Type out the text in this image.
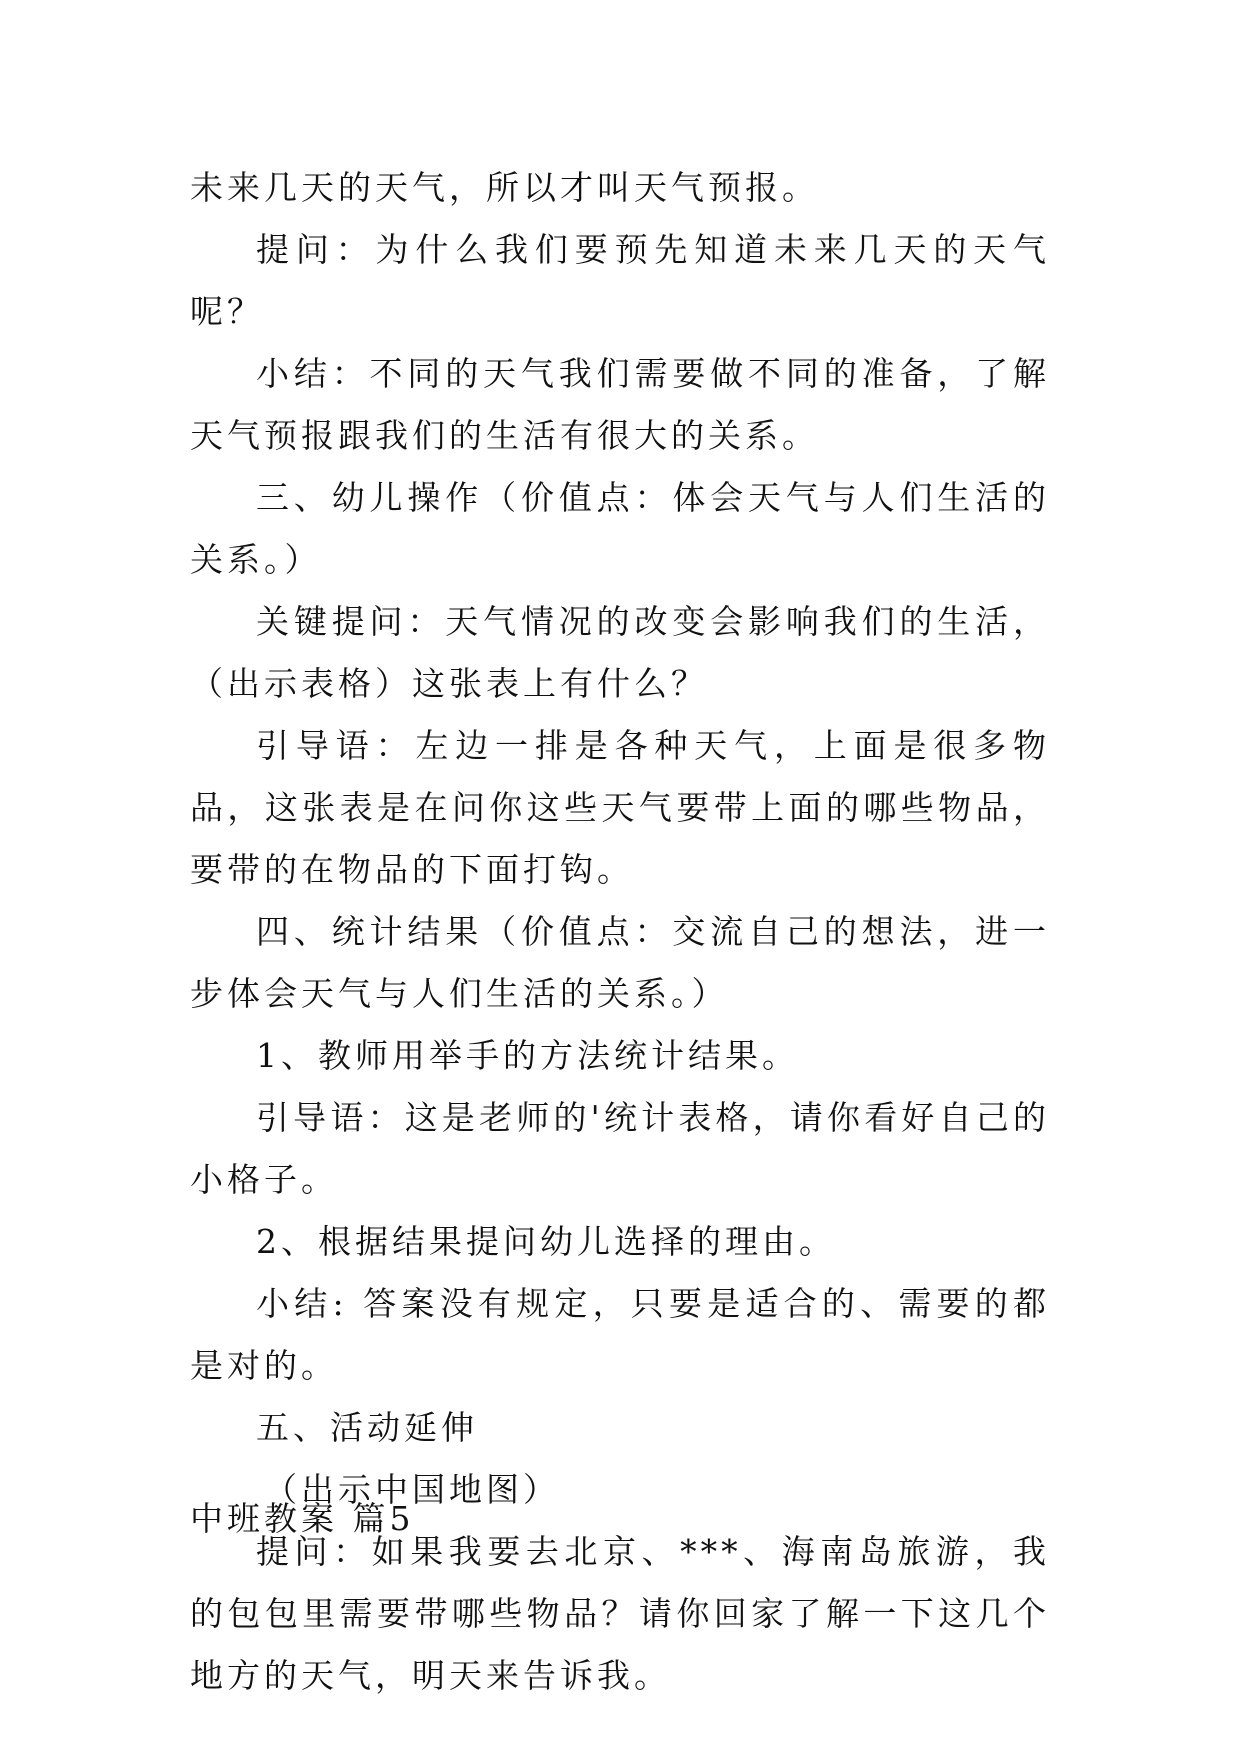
未来几天的天气，所以才叫天气预报。

提问：为什么我们要预先知道未来几天的天气呢？

小结：不同的天气我们需要做不同的准备，了解天气预报跟我们的生活有很大的关系。

三、幼儿操作（价值点：体会天气与人们生活的关系。）

关键提问：天气情况的改变会影响我们的生活，（出示表格）这张表上有什么？

引导语：左边一排是各种天气，上面是很多物品，这张表是在问你这些天气要带上面的哪些物品，要带的在物品的下面打钩。

四、统计结果（价值点：交流自己的想法，进一步体会天气与人们生活的关系。）

1、教师用举手的方法统计结果。

引导语：这是老师的'统计表格，请你看好自己的小格子。

2、根据结果提问幼儿选择的理由。

小结: 答案没有规定，只要是适合的、需要的都是对的。

五、活动延伸

（出示中国地图）

提问：如果我要去北京、***、海南岛旅游，我的包包里需要带哪些物品？请你回家了解一下这几个地方的天气，明天来告诉我。

中班教案 篇5
